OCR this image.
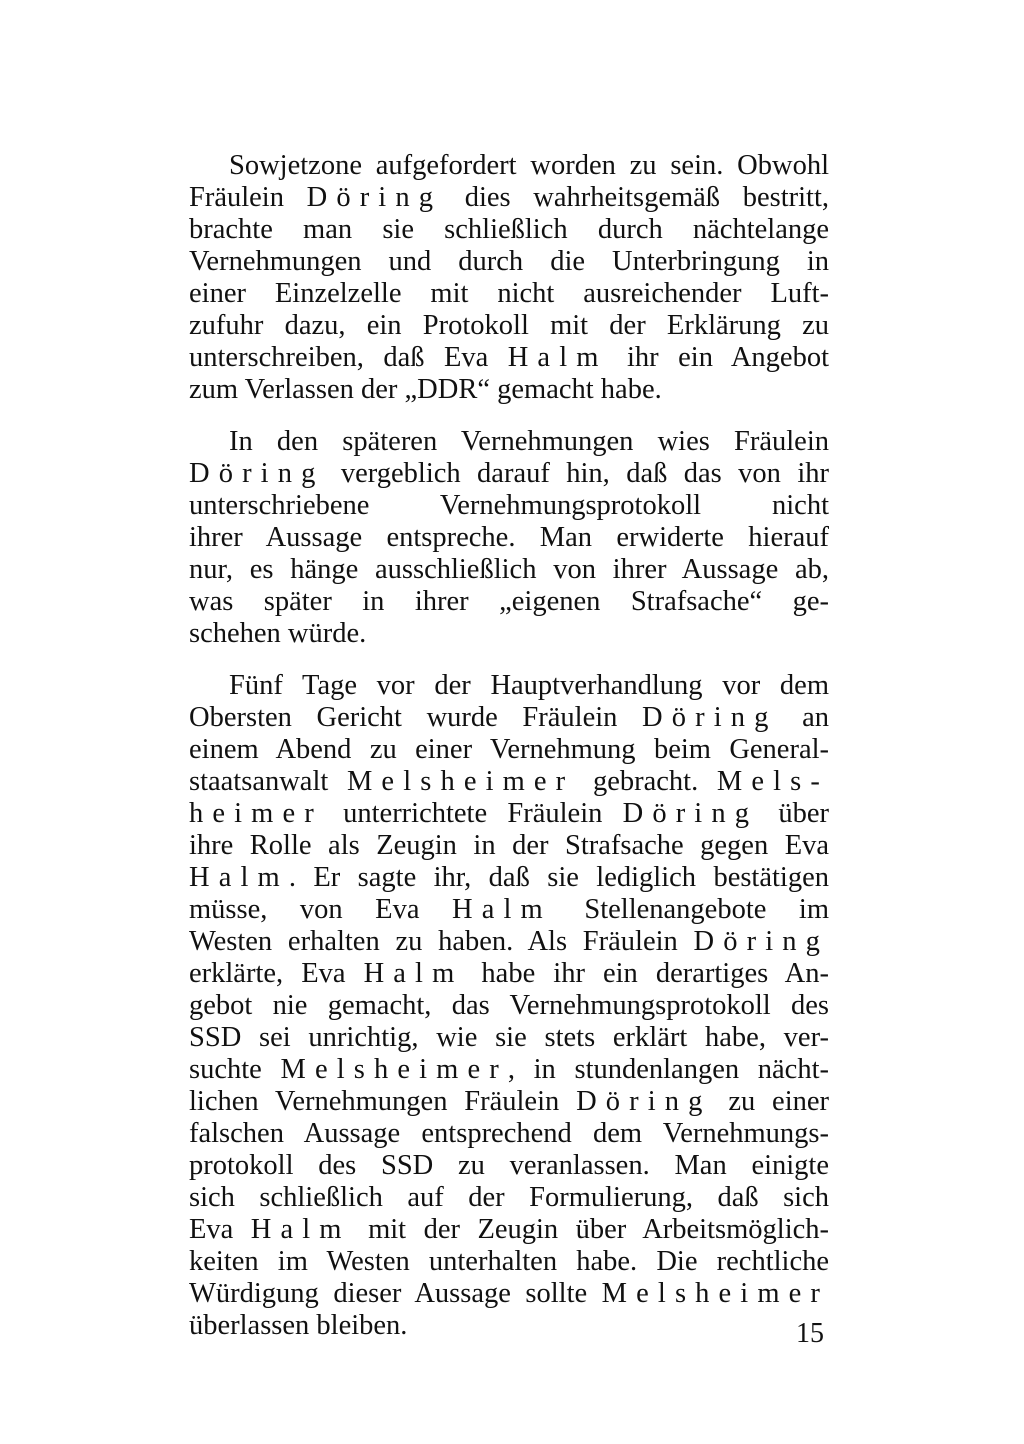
Sowjetzone aufgefordert worden zu sein. Obwohl
Fräulein Döring dies wahrheitsgemäß bestritt,
brachte man sie schließlich durch nächtelange
Vernehmungen und durch die Unterbringung in
einer Einzelzelle mit nicht ausreichender Luft-
zufuhr dazu, ein Protokoll mit der Erklärung zu
unterschreiben, daß Eva Halm ihr ein Angebot
zum Verlassen der „DDR“ gemacht habe.
In den späteren Vernehmungen wies Fräulein
Döring vergeblich darauf hin, daß das von ihr
unterschriebene Vernehmungsprotokoll nicht
ihrer Aussage entspreche. Man erwiderte hierauf
nur, es hänge ausschließlich von ihrer Aussage ab,
was später in ihrer „eigenen Strafsache“ ge-
schehen würde.
Fünf Tage vor der Hauptverhandlung vor dem
Obersten Gericht wurde Fräulein Döring an
einem Abend zu einer Vernehmung beim General-
staatsanwalt Melsheimer gebracht. Mels-
heimer unterrichtete Fräulein Döring über
ihre Rolle als Zeugin in der Strafsache gegen Eva
Halm. Er sagte ihr, daß sie lediglich bestätigen
müsse, von Eva Halm Stellenangebote im
Westen erhalten zu haben. Als Fräulein Döring
erklärte, Eva Halm habe ihr ein derartiges An-
gebot nie gemacht, das Vernehmungsprotokoll des
SSD sei unrichtig, wie sie stets erklärt habe, ver-
suchte Melsheimer, in stundenlangen nächt-
lichen Vernehmungen Fräulein Döring zu einer
falschen Aussage entsprechend dem Vernehmungs-
protokoll des SSD zu veranlassen. Man einigte
sich schließlich auf der Formulierung, daß sich
Eva Halm mit der Zeugin über Arbeitsmöglich-
keiten im Westen unterhalten habe. Die rechtliche
Würdigung dieser Aussage sollte Melsheimer
überlassen bleiben.	15
